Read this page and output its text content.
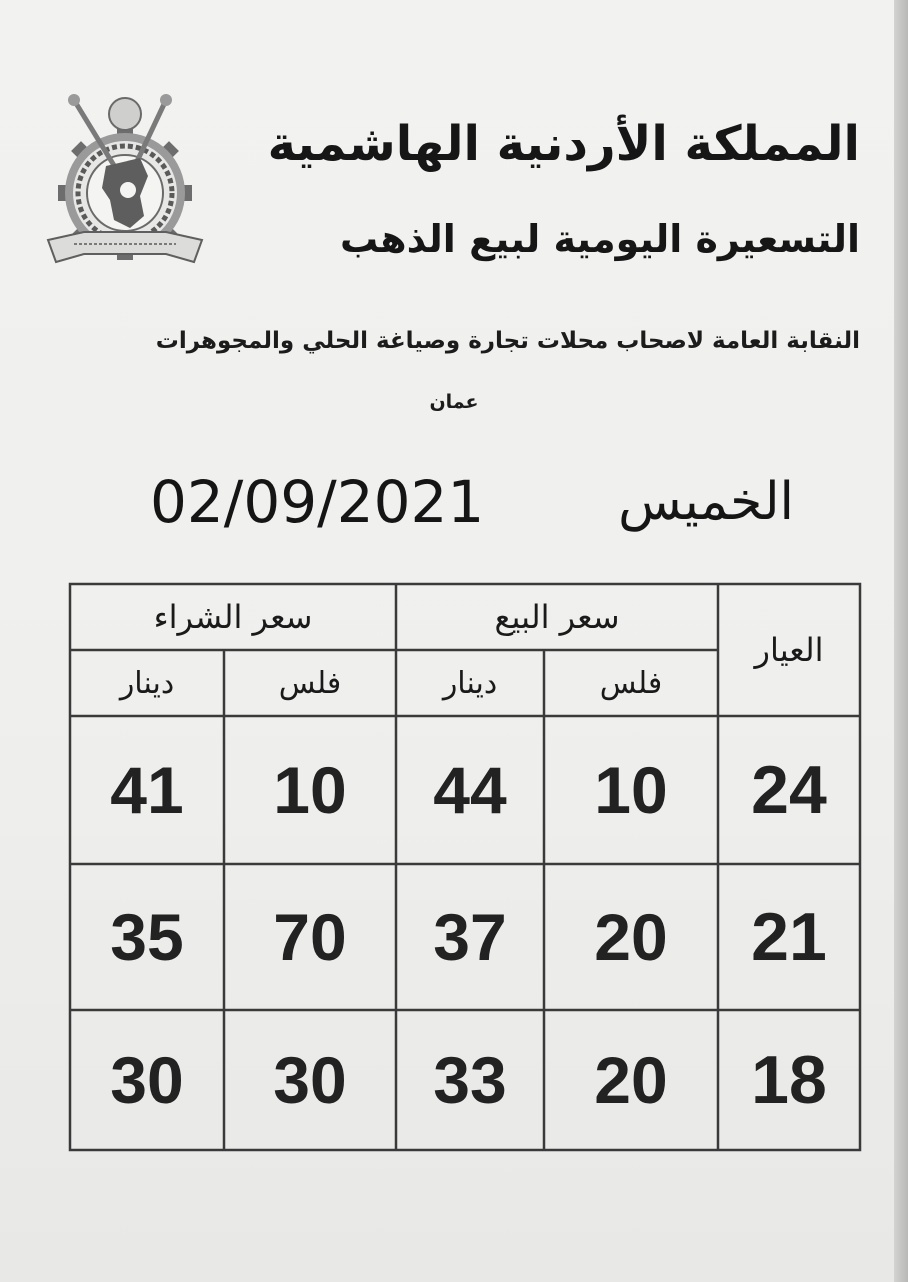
المملكة الأردنية الهاشمية
التسعيرة اليومية لبيع الذهب
النقابة العامة لاصحاب محلات تجارة وصياغة الحلي والمجوهرات
عمان
02/09/2021	الخميس
العيار
سعر البيع
سعر الشراء
فلس
دينار
فلس
دينار
24
10
44
10
41
21
20
37
70
35
18
20
33
30
30
